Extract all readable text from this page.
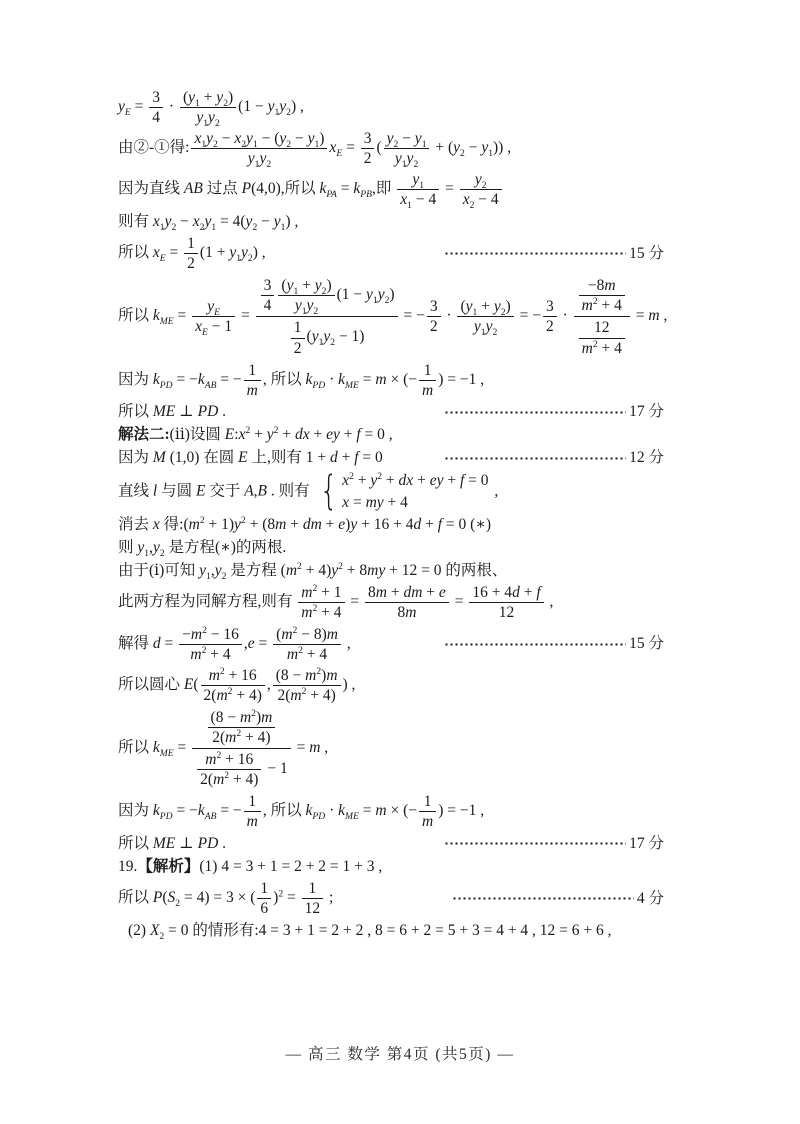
$y_E = \frac{3}{4} \cdot \frac{(y_1 + y_2)}{y_1y_2} (1 - y_1y_2)$ ,
由②-①得: $\frac{x_1y_2 - x_2y_1 - (y_2 - y_1)}{y_1y_2} x_E = \frac{3}{2}$ ( $\frac{y_2 - y_1}{y_1y_2} + (y_2 - y_1)$) ,
因为直线 AB 过点 P(4,0),所以 $k_{PA} = k_{PB}$,即 $\frac{y_1}{x_1 - 4} = \frac{y_2}{x_2 - 4}$
则有 $x_1y_2 - x_2y_1 = 4(y_2 - y_1)$ ,
所以 $x_E = \frac{1}{2} (1 + y_1y_2)$ ,	15 分
所以 $k_{ME} = \frac{y_E}{x_E - 1} = \frac{\frac{3}{4} \frac{(y_1 + y_2)}{y_1y_2} (1 - y_1y_2)}{\frac{1}{2} (y_1y_2 - 1)}$ = − $\frac{3}{2} \cdot \frac{(y_1 + y_2)}{y_1y_2}$ = − $\frac{3}{2} \cdot \frac{\frac{-8m}{m^2 + 4}}{\frac{12}{m^2 + 4}} = m$ ,
因为 $k_{PD} = -k_{AB}$ = − $\frac{1}{m}$ , 所以 $k_{PD} \cdot k_{ME} = m$ × (− $\frac{1}{m}$ ) = −1 ,
所以 ME ⊥ PD .	17 分
解法二:(ⅱ)设圆 $E:x^2 + y^2$ + dx + ey + f = 0 ,
因为 M (1,0) 在圆 E 上,则有 1 + d + f = 0	12 分
直线 l 与圆 E 交于 A,B . 则有 { $x^2 + y^2$ + dx + ey + f = 0
x = my + 4
,
消去 x 得$:(m^2 + 1)y^2 + (8m$ + dm + e)y + 16 + 4d + f = 0 (∗)
则 $y_1,y_2$ 是方程(∗)的两根.
由于(ⅰ)可知 $y_1,y_2$ 是方程 $(m^2 + 4)y^2 + 8my + 12 = 0$ 的两根、
此两方程为同解方程,则有 $\frac{m^2 + 1}{m^2 + 4} = \frac{8m + dm + e}{8m} = \frac{16 + 4d + f}{12}$ ,
解得 $d = \frac{-m^2 - 16}{m^2 + 4} ,e = \frac{(m^2 - 8)m}{m^2 + 4}$ ,	15 分
所以圆心 $E( \frac{m^2 + 16}{2(m^2 + 4)}$ , $\frac{(8 - m^2)m}{2(m^2 + 4)}$ ) ,
所以 $k_{ME} = \frac{\frac{(8 - m^2)m}{2(m^2 + 4)}}{\frac{m^2 + 16}{2(m^2 + 4)} - 1} = m$ ,
因为 $k_{PD} = -k_{AB}$ = − $\frac{1}{m}$ , 所以 $k_{PD} \cdot k_{ME} = m$ × (− $\frac{1}{m}$ ) = −1 ,
所以 ME ⊥ PD .	17 分
19.【解析】(1) 4 = 3 + 1 = 2 + 2 = 1 + 3 ,
所以 $P(S_2 = 4) = 3$ × ( $\frac{1}{6} )^2 = \frac{1}{12}$ ;	4 分
(2) $X_2 = 0$ 的情形有:4 = 3 + 1 = 2 + 2 , 8 = 6 + 2 = 5 + 3 = 4 + 4 , 12 = 6 + 6 ,
— 高三 数学 第4页 (共5页) —
